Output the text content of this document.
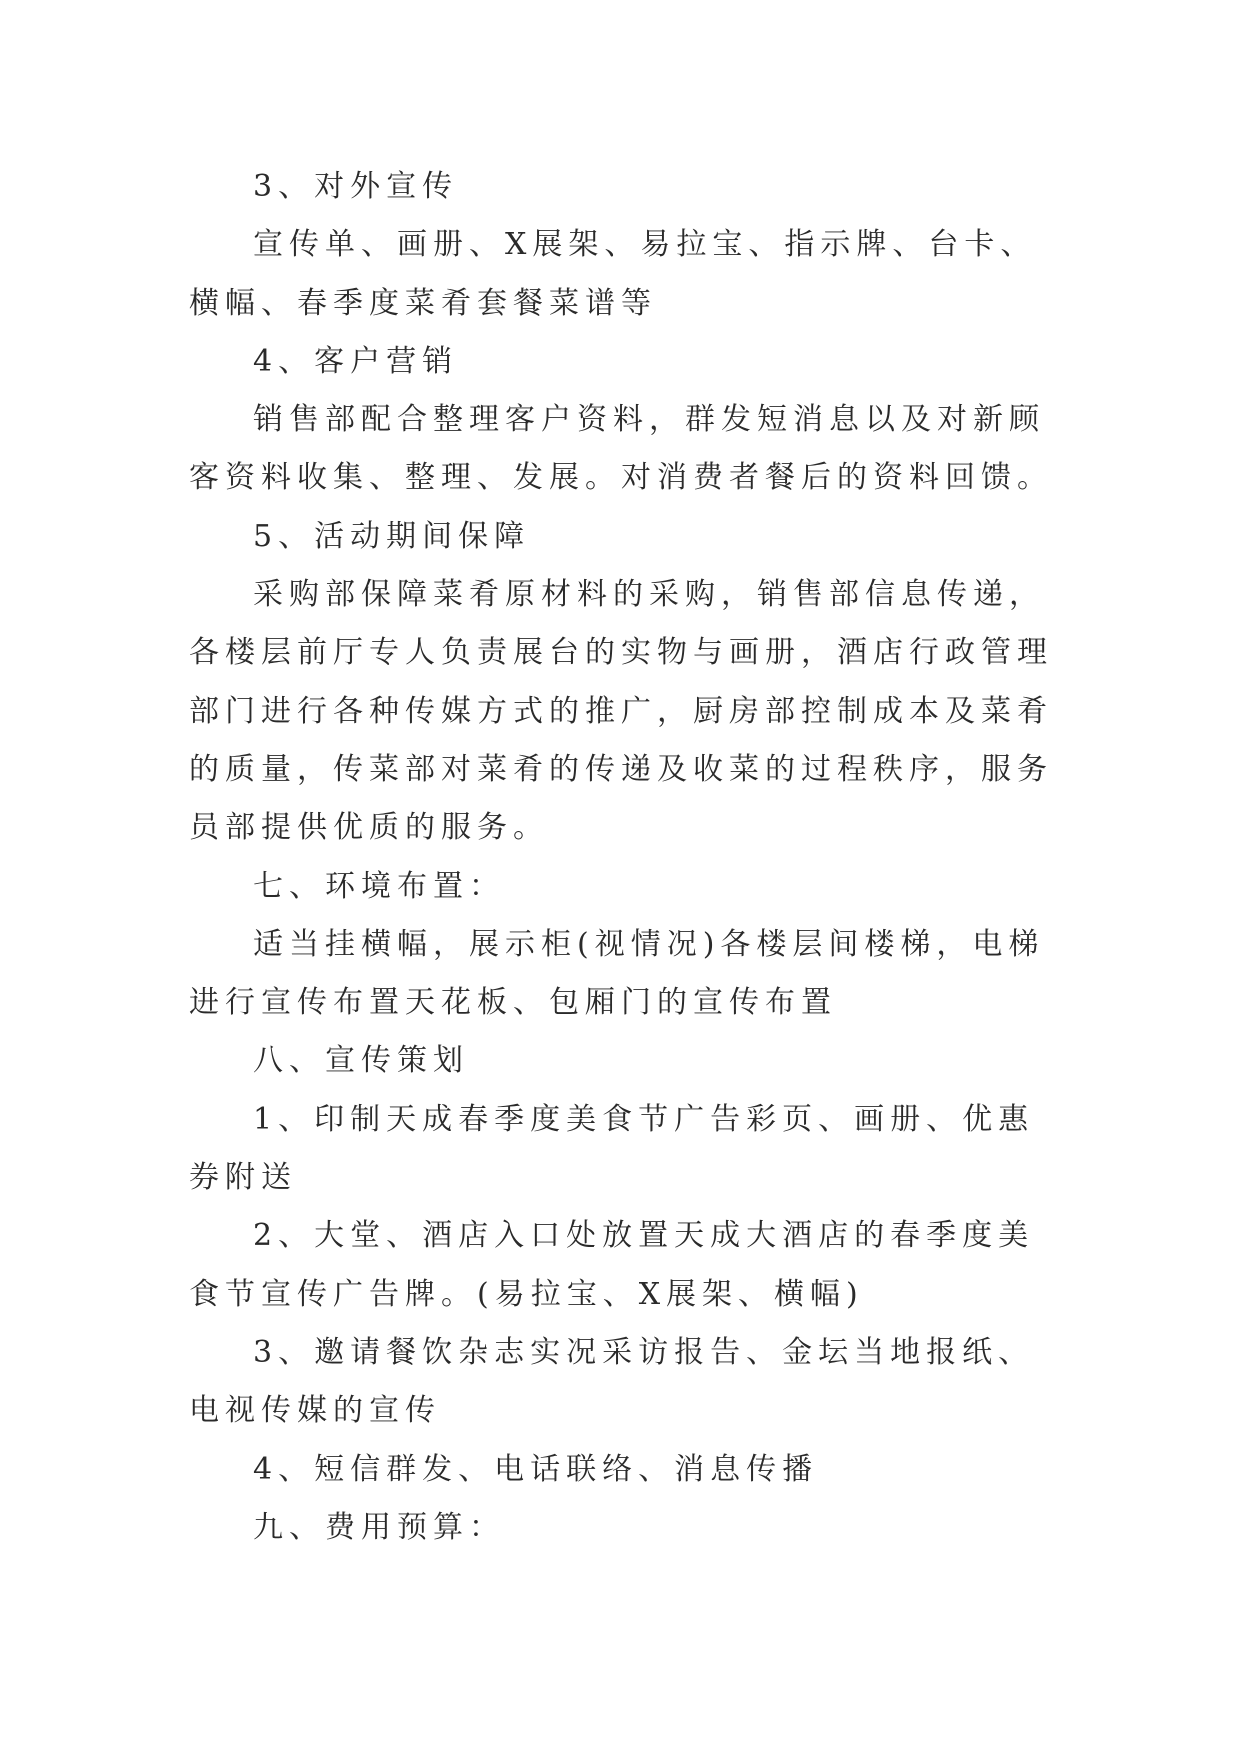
3、对外宣传

宣传单、画册、X展架、易拉宝、指示牌、台卡、横幅、春季度菜肴套餐菜谱等

4、客户营销

销售部配合整理客户资料，群发短消息以及对新顾客资料收集、整理、发展。对消费者餐后的资料回馈。

5、活动期间保障

采购部保障菜肴原材料的采购，销售部信息传递，各楼层前厅专人负责展台的实物与画册，酒店行政管理部门进行各种传媒方式的推广，厨房部控制成本及菜肴的质量，传菜部对菜肴的传递及收菜的过程秩序，服务员部提供优质的服务。

七、环境布置：

适当挂横幅，展示柜(视情况)各楼层间楼梯，电梯进行宣传布置天花板、包厢门的宣传布置

八、宣传策划

1、印制天成春季度美食节广告彩页、画册、优惠券附送

2、大堂、酒店入口处放置天成大酒店的春季度美食节宣传广告牌。(易拉宝、X展架、横幅)

3、邀请餐饮杂志实况采访报告、金坛当地报纸、电视传媒的宣传

4、短信群发、电话联络、消息传播

九、费用预算：
